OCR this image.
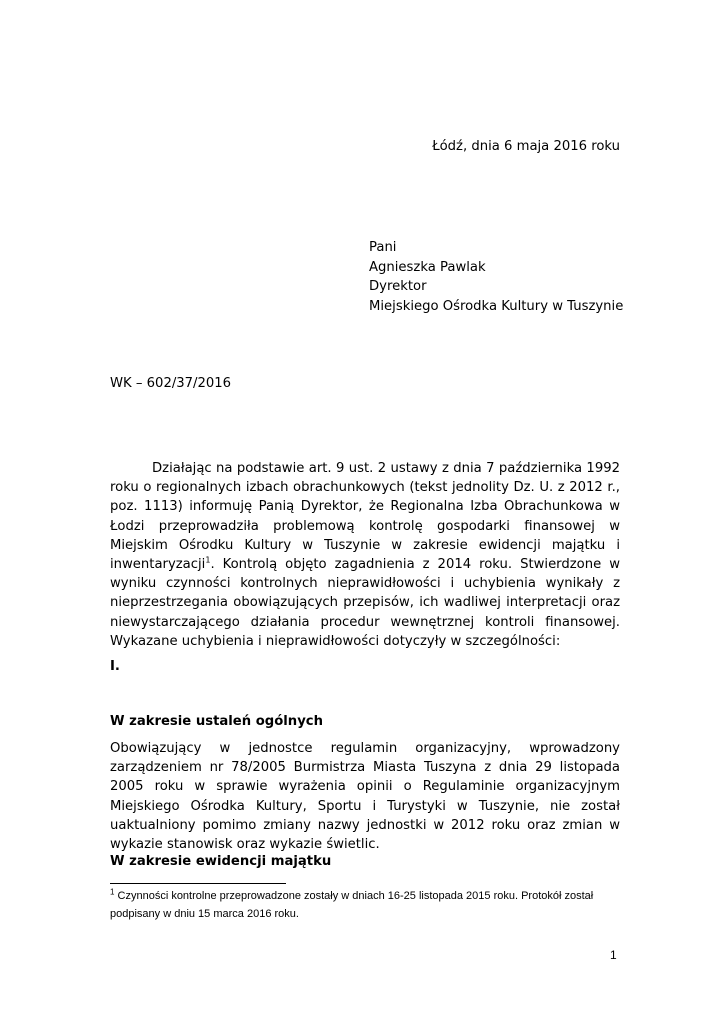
Łódź, dnia 6 maja 2016 roku
Pani
Agnieszka Pawlak
Dyrektor
Miejskiego Ośrodka Kultury w Tuszynie
WK – 602/37/2016

Działając na podstawie art. 9 ust. 2 ustawy z dnia 7 października 1992 roku o regionalnych izbach obrachunkowych (tekst jednolity Dz. U. z 2012 r., poz. 1113) informuję Panią Dyrektor, że Regionalna Izba Obrachunkowa w Łodzi przeprowadziła problemową kontrolę gospodarki finansowej w Miejskim Ośrodku Kultury w Tuszynie w zakresie ewidencji majątku i inwentaryzacji$^1$. Kontrolą objęto zagadnienia z 2014 roku. Stwierdzone w wyniku czynności kontrolnych nieprawidłowości i uchybienia wynikały z nieprzestrzegania obowiązujących przepisów, ich wadliwej interpretacji oraz niewystarczającego działania procedur wewnętrznej kontroli finansowej. Wykazane uchybienia i nieprawidłowości dotyczyły w szczególności:

I.
W zakresie ustaleń ogólnych

Obowiązujący w jednostce regulamin organizacyjny, wprowadzony zarządzeniem nr 78/2005 Burmistrza Miasta Tuszyna z dnia 29 listopada 2005 roku w sprawie wyrażenia opinii o Regulaminie organizacyjnym Miejskiego Ośrodka Kultury, Sportu i Turystyki w Tuszynie, nie został uaktualniony pomimo zmiany nazwy jednostki w 2012 roku oraz zmian w wykazie stanowisk oraz wykazie świetlic.

W zakresie ewidencji majątku

$^1$ Czynności kontrolne przeprowadzone zostały w dniach 16-25 listopada 2015 roku. Protokół został podpisany w dniu 15 marca 2016 roku.

1
